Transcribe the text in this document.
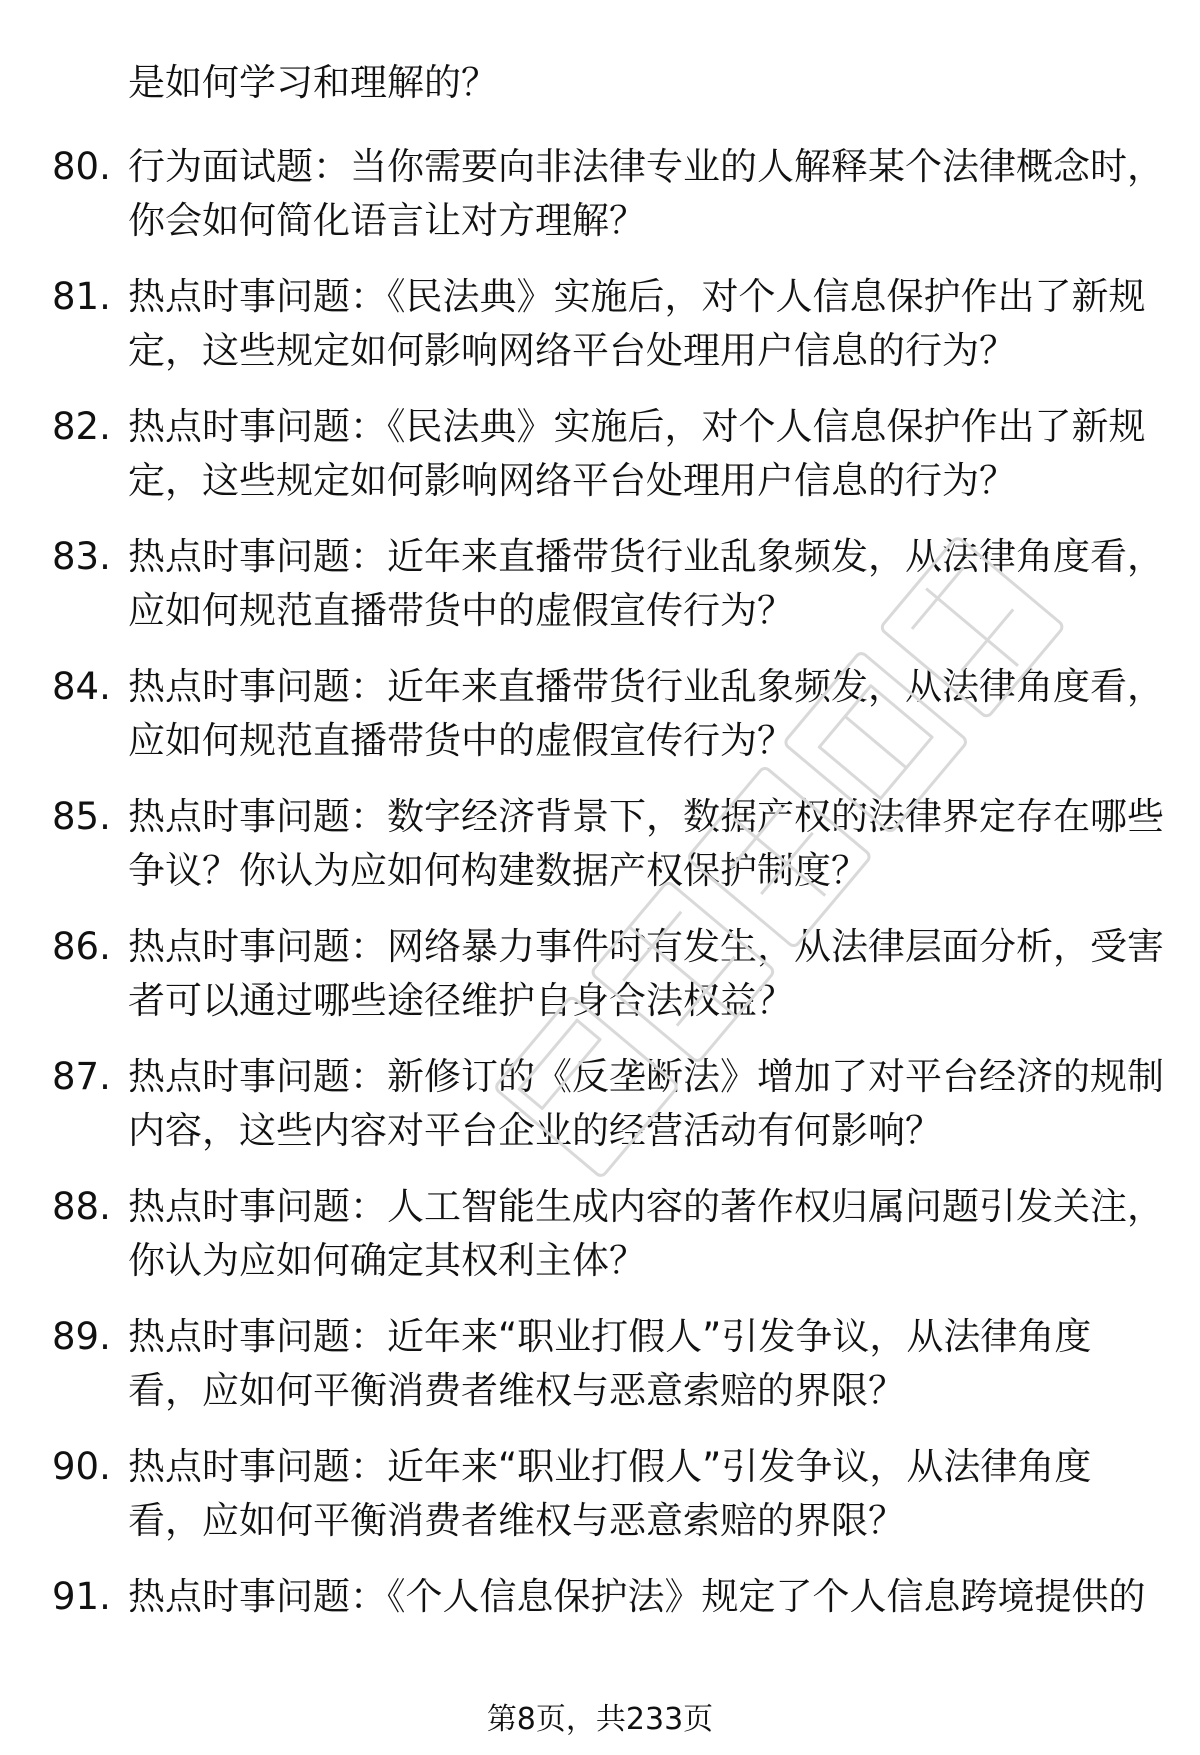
是如何学习和理解的？
80. 行为面试题：当你需要向非法律专业的人解释某个法律概念时，
你会如何简化语言让对方理解？
81. 热点时事问题：《民法典》实施后，对个人信息保护作出了新规
定，这些规定如何影响网络平台处理用户信息的行为？
82. 热点时事问题：《民法典》实施后，对个人信息保护作出了新规
定，这些规定如何影响网络平台处理用户信息的行为？
83. 热点时事问题：近年来直播带货行业乱象频发，从法律角度看，
应如何规范直播带货中的虚假宣传行为？
84. 热点时事问题：近年来直播带货行业乱象频发，从法律角度看，
应如何规范直播带货中的虚假宣传行为？
85. 热点时事问题：数字经济背景下，数据产权的法律界定存在哪些
争议？你认为应如何构建数据产权保护制度？
86. 热点时事问题：网络暴力事件时有发生，从法律层面分析，受害
者可以通过哪些途径维护自身合法权益？
87. 热点时事问题：新修订的《反垄断法》增加了对平台经济的规制
内容，这些内容对平台企业的经营活动有何影响？
88. 热点时事问题：人工智能生成内容的著作权归属问题引发关注，
你认为应如何确定其权利主体？
89. 热点时事问题：近年来“职业打假人”引发争议，从法律角度
看，应如何平衡消费者维权与恶意索赔的界限？
90. 热点时事问题：近年来“职业打假人”引发争议，从法律角度
看，应如何平衡消费者维权与恶意索赔的界限？
91. 热点时事问题：《个人信息保护法》规定了个人信息跨境提供的
第8页，共233页
